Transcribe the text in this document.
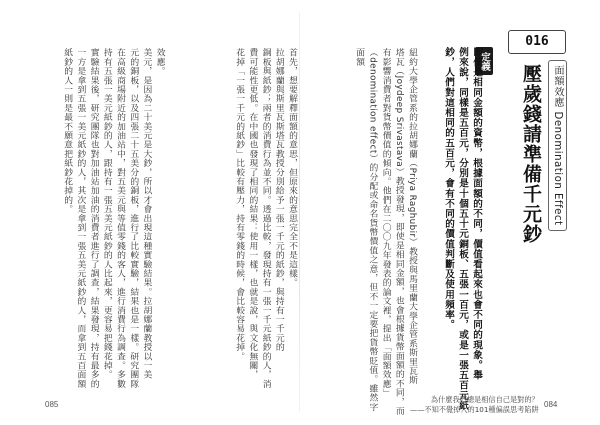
016
面額效應 Denomination Effect
壓歲錢請準備千元鈔
定義
即使是相同金額的資幣，根據面額的不同，價值看起來也會不同的現象。舉
例來說，同樣是五百元，分別是十個五十元銅板、五張一百元，或是一張五百元紙
鈔，人們對這相同的五百元，會有不同的價值判斷及使用頻率。
紐約大學企管系的拉胡娜蘭（Priya Raghubir）教授與馬里蘭大學企管系斯里瓦斯
塔瓦（Joydeep Srivastava）教授發現，即使是相同金額，也會根據貨幣面額的不同，而
有影響消費者對貨幣價值的傾向。他們在二〇〇九年發表的論文裡，提出「面額效應」
（denomination effect）的分配或命名貨幣價值之意，但不一定要把貨幣貶值。雖然字
面額
首先，想要解釋面額的意思，但原來的意思完全不是這樣。
拉胡娜蘭與斯里瓦斯塔瓦教授分別給予一張一千元的紙鈔，與持有一千元的
銅板與紙鈔；兩者的消費行為並不同。透過比較，發現持有一張一千元紙鈔的人，消
費可能性更低。在中國也發現了相同的結果：使用一樣，也就是說，與文化無關，
花掉「一張一千元的紙鈔」比較有壓力，持有零錢的時候，會比較容易花掉。
效應。
美元，是因為二十美元是大鈔，所以才會出現這種實驗結果。拉胡娜蘭教授以一美
元的銅板，以及四張二十五美分的銅板，進行了比較實驗，結果也是一樣。研究團隊
在高級商場附近的加油站中，對五美元與等值零錢的客人，進行消費行為調查。多數
持有五張一美元紙鈔的人，跟持有一張五美元紙鈔的人比起來，更容易把錢花掉。
實驗結果後，研究團隊也對加油站加油的消費者進行了調查，結果發現，持有最多的
一方是拿到五張一美元紙鈔的人，其次是拿到一張五美元紙鈔的人，而拿到五百面額
紙鈔的人一則是最不願意把紙鈔花掉的。
085
為什麼我們總是相信自己是對的？
——不知不覺掉入的101種偏誤思考陷阱
084
